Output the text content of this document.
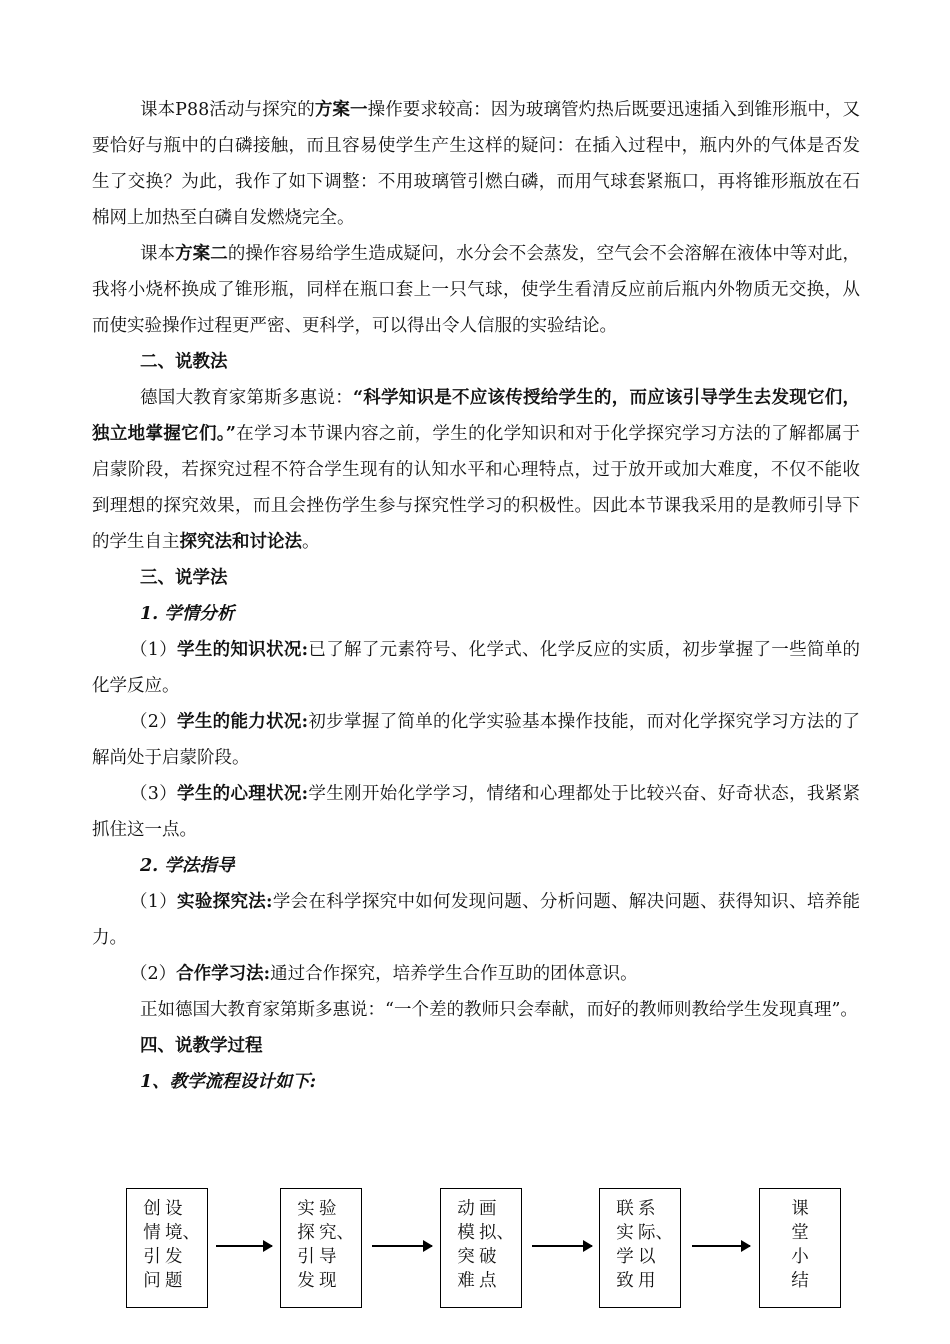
课本P88活动与探究的方案一操作要求较高：因为玻璃管灼热后既要迅速插入到锥形瓶中，又要恰好与瓶中的白磷接触，而且容易使学生产生这样的疑问：在插入过程中，瓶内外的气体是否发生了交换？为此，我作了如下调整：不用玻璃管引燃白磷，而用气球套紧瓶口，再将锥形瓶放在石棉网上加热至白磷自发燃烧完全。

课本方案二的操作容易给学生造成疑问，水分会不会蒸发，空气会不会溶解在液体中等对此，我将小烧杯换成了锥形瓶，同样在瓶口套上一只气球，使学生看清反应前后瓶内外物质无交换，从而使实验操作过程更严密、更科学，可以得出令人信服的实验结论。

二、说教法

德国大教育家第斯多惠说：“科学知识是不应该传授给学生的，而应该引导学生去发现它们，独立地掌握它们。”在学习本节课内容之前，学生的化学知识和对于化学探究学习方法的了解都属于启蒙阶段，若探究过程不符合学生现有的认知水平和心理特点，过于放开或加大难度，不仅不能收到理想的探究效果，而且会挫伤学生参与探究性学习的积极性。因此本节课我采用的是教师引导下的学生自主探究法和讨论法。

三、说学法

1. 学情分析

（1）学生的知识状况:已了解了元素符号、化学式、化学反应的实质，初步掌握了一些简单的化学反应。

（2）学生的能力状况:初步掌握了简单的化学实验基本操作技能，而对化学探究学习方法的了解尚处于启蒙阶段。

（3）学生的心理状况:学生刚开始化学学习，情绪和心理都处于比较兴奋、好奇状态，我紧紧抓住这一点。

2. 学法指导

（1）实验探究法:学会在科学探究中如何发现问题、分析问题、解决问题、获得知识、培养能力。

（2）合作学习法:通过合作探究，培养学生合作互助的团体意识。

正如德国大教育家第斯多惠说：“一个差的教师只会奉献，而好的教师则教给学生发现真理”。

四、说教学过程

1、教学流程设计如下:

创
情
引
问
设
境、
发
题
实
探
引
发
验
究、
导
现
动
模
突
难
画
拟、
破
点
联
实
学
致
系
际、
以
用
课
堂
小
结
